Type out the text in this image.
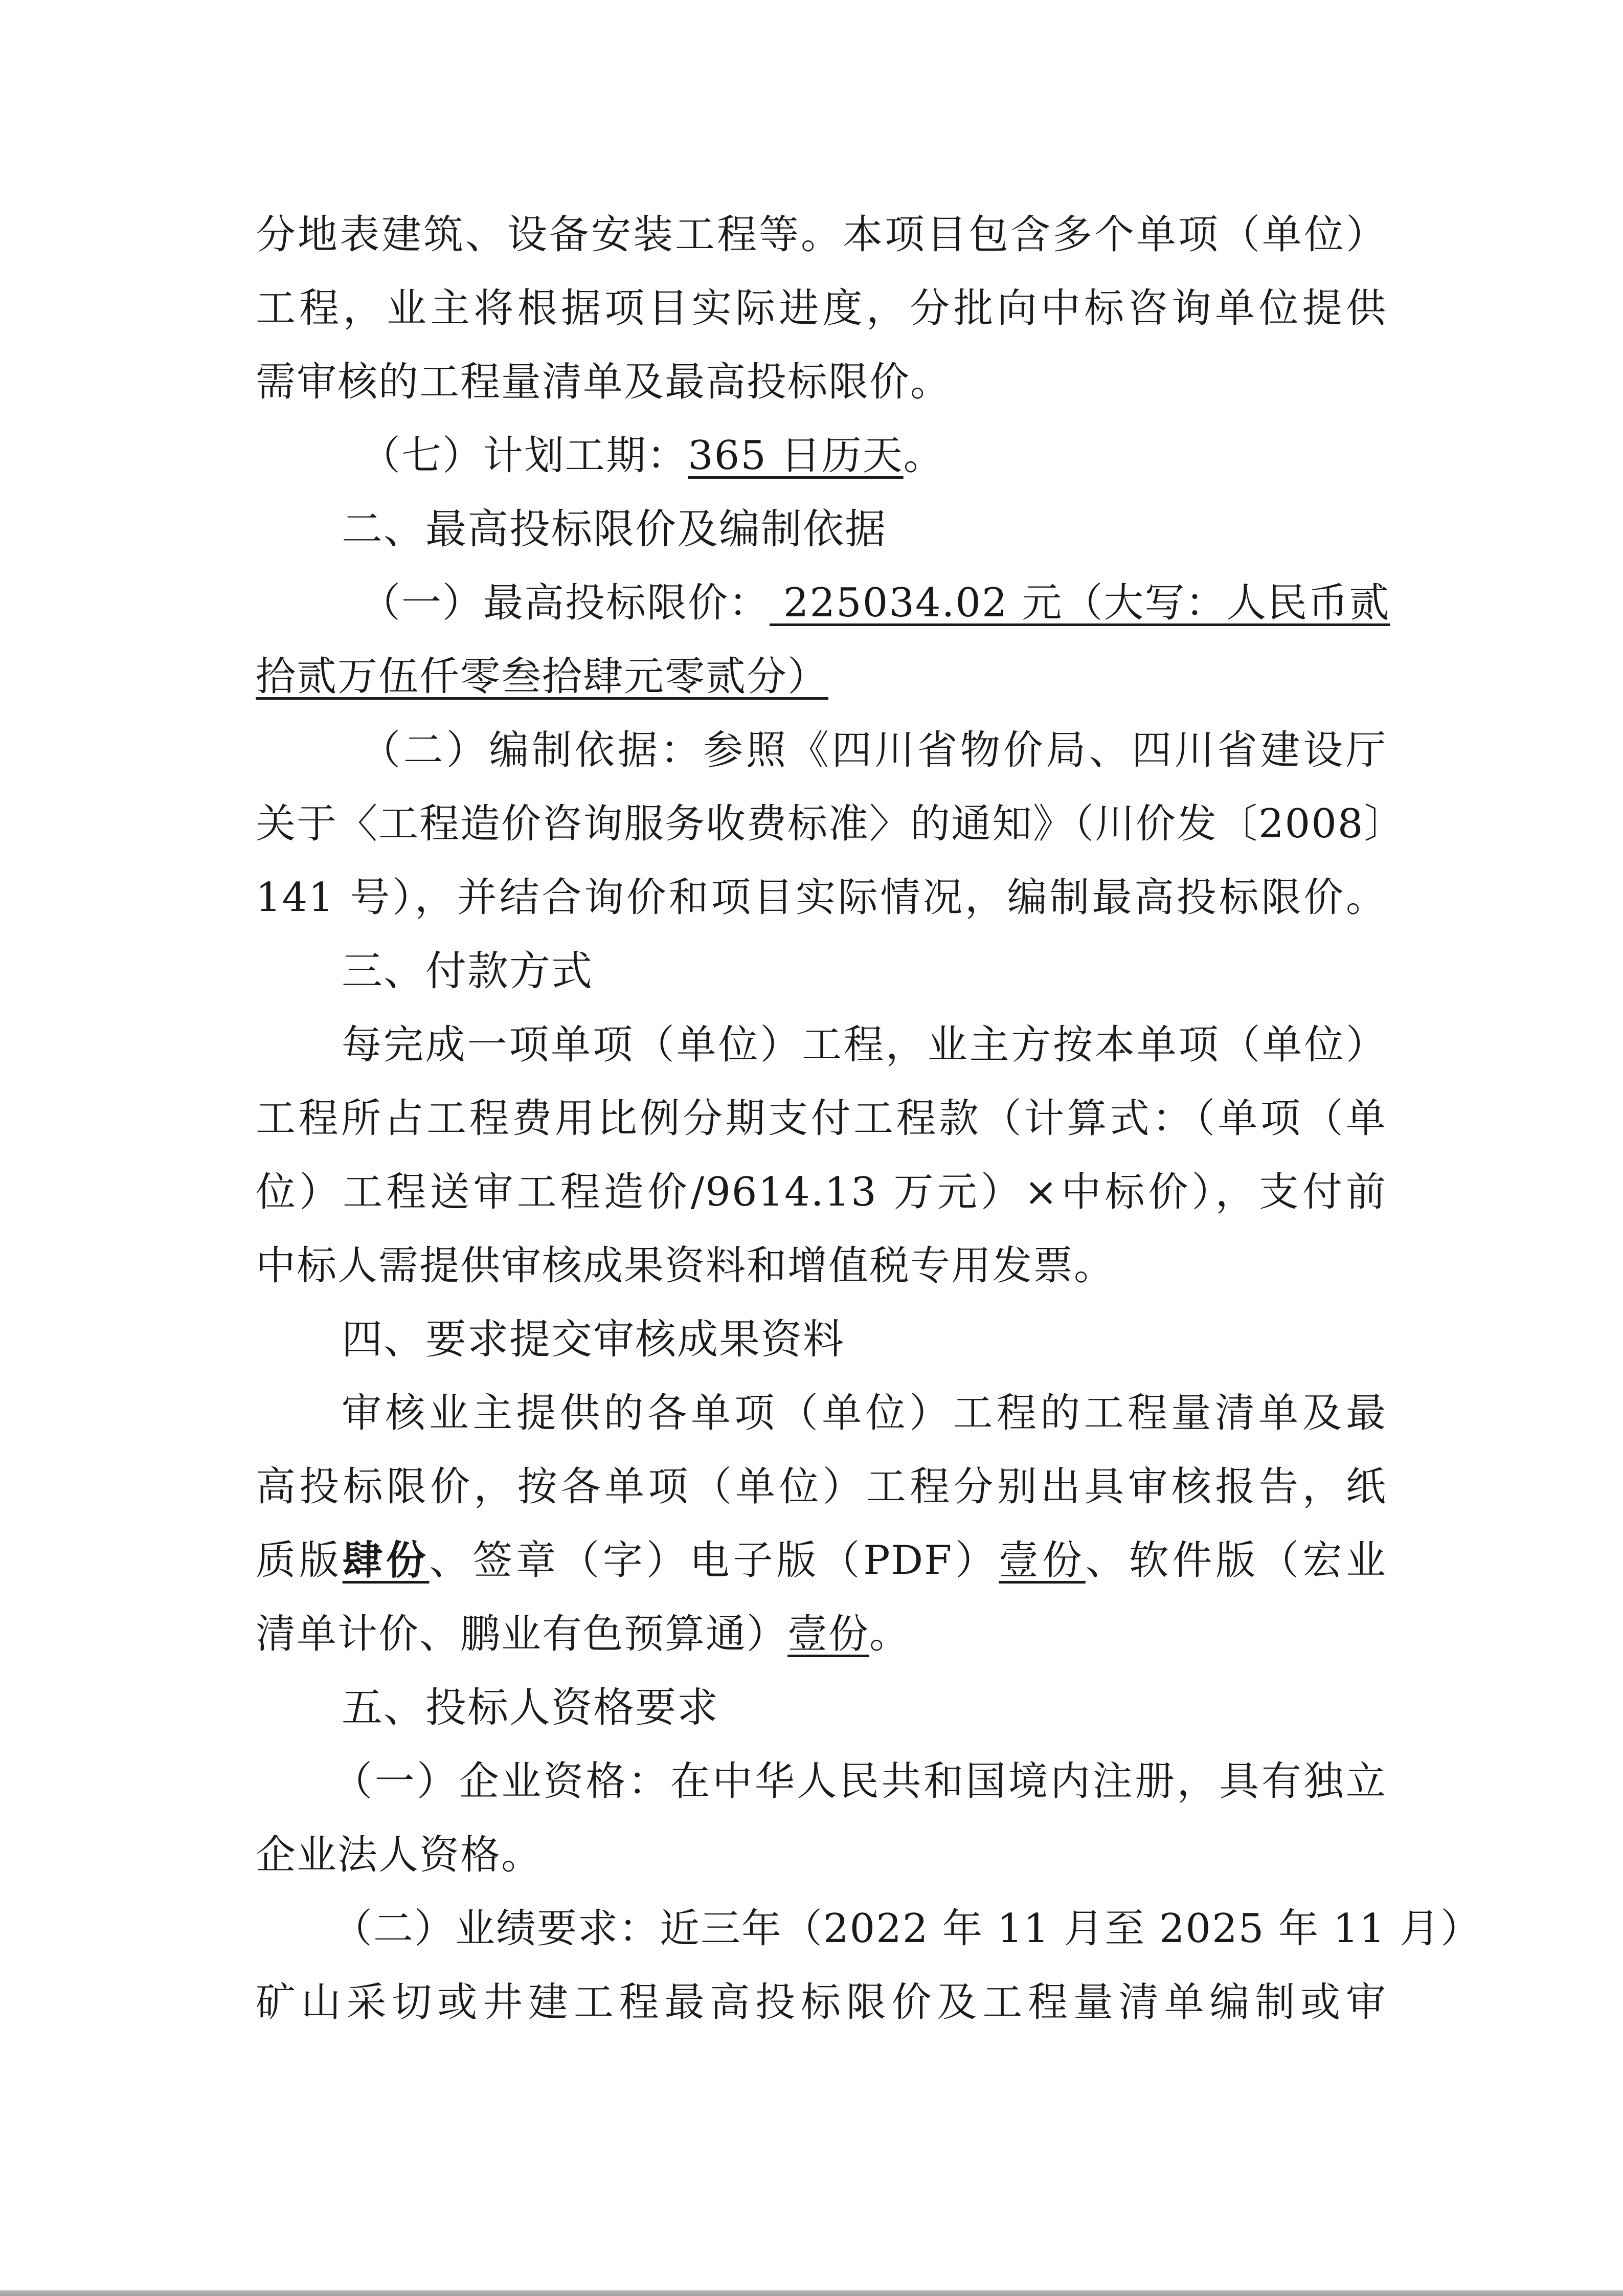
分地表建筑、设备安装工程等。本项目包含多个单项（单位）
工程，业主将根据项目实际进度，分批向中标咨询单位提供
需审核的工程量清单及最高投标限价。
（七）计划工期：365 日历天。
二、最高投标限价及编制依据
（一）最高投标限价： 225034.02 元（大写：人民币贰
拾贰万伍仟零叁拾肆元零贰分）
（二）编制依据：参照《四川省物价局、四川省建设厅
关于〈工程造价咨询服务收费标准〉的通知》（川价发〔2008〕
141 号），并结合询价和项目实际情况，编制最高投标限价。
三、付款方式
每完成一项单项（单位）工程，业主方按本单项（单位）
工程所占工程费用比例分期支付工程款（计算式：（单项（单
位）工程送审工程造价/9614.13 万元）×中标价），支付前
中标人需提供审核成果资料和增值税专用发票。
四、要求提交审核成果资料
审核业主提供的各单项（单位）工程的工程量清单及最
高投标限价，按各单项（单位）工程分别出具审核报告，纸
质版肆份、签章（字）电子版（PDF）壹份、软件版（宏业
清单计价、鹏业有色预算通）壹份。
五、投标人资格要求
（一）企业资格：在中华人民共和国境内注册，具有独立
企业法人资格。
（二）业绩要求：近三年（2022 年 11 月至 2025 年 11 月）
矿山采切或井建工程最高投标限价及工程量清单编制或审
